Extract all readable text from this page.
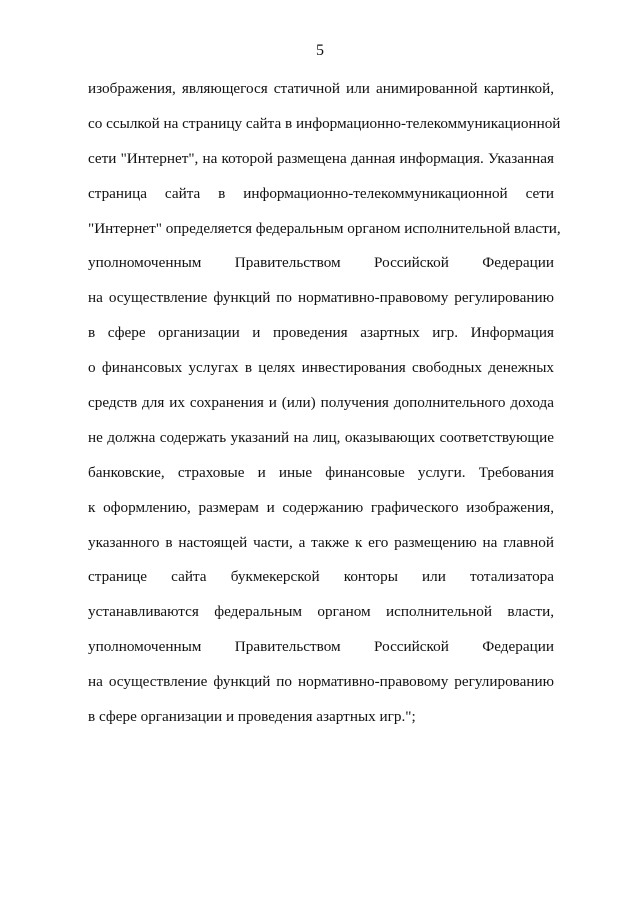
5
изображения, являющегося статичной или анимированной картинкой,
со ссылкой на страницу сайта в информационно-телекоммуникационной
сети "Интернет", на которой размещена данная информация. Указанная
страница сайта в информационно-телекоммуникационной сети
"Интернет" определяется федеральным органом исполнительной власти,
уполномоченным Правительством Российской Федерации
на осуществление функций по нормативно-правовому регулированию
в сфере организации и проведения азартных игр. Информация
о финансовых услугах в целях инвестирования свободных денежных
средств для их сохранения и (или) получения дополнительного дохода
не должна содержать указаний на лиц, оказывающих соответствующие
банковские, страховые и иные финансовые услуги. Требования
к оформлению, размерам и содержанию графического изображения,
указанного в настоящей части, а также к его размещению на главной
странице сайта букмекерской конторы или тотализатора
устанавливаются федеральным органом исполнительной власти,
уполномоченным Правительством Российской Федерации
на осуществление функций по нормативно-правовому регулированию
в сфере организации и проведения азартных игр.";
